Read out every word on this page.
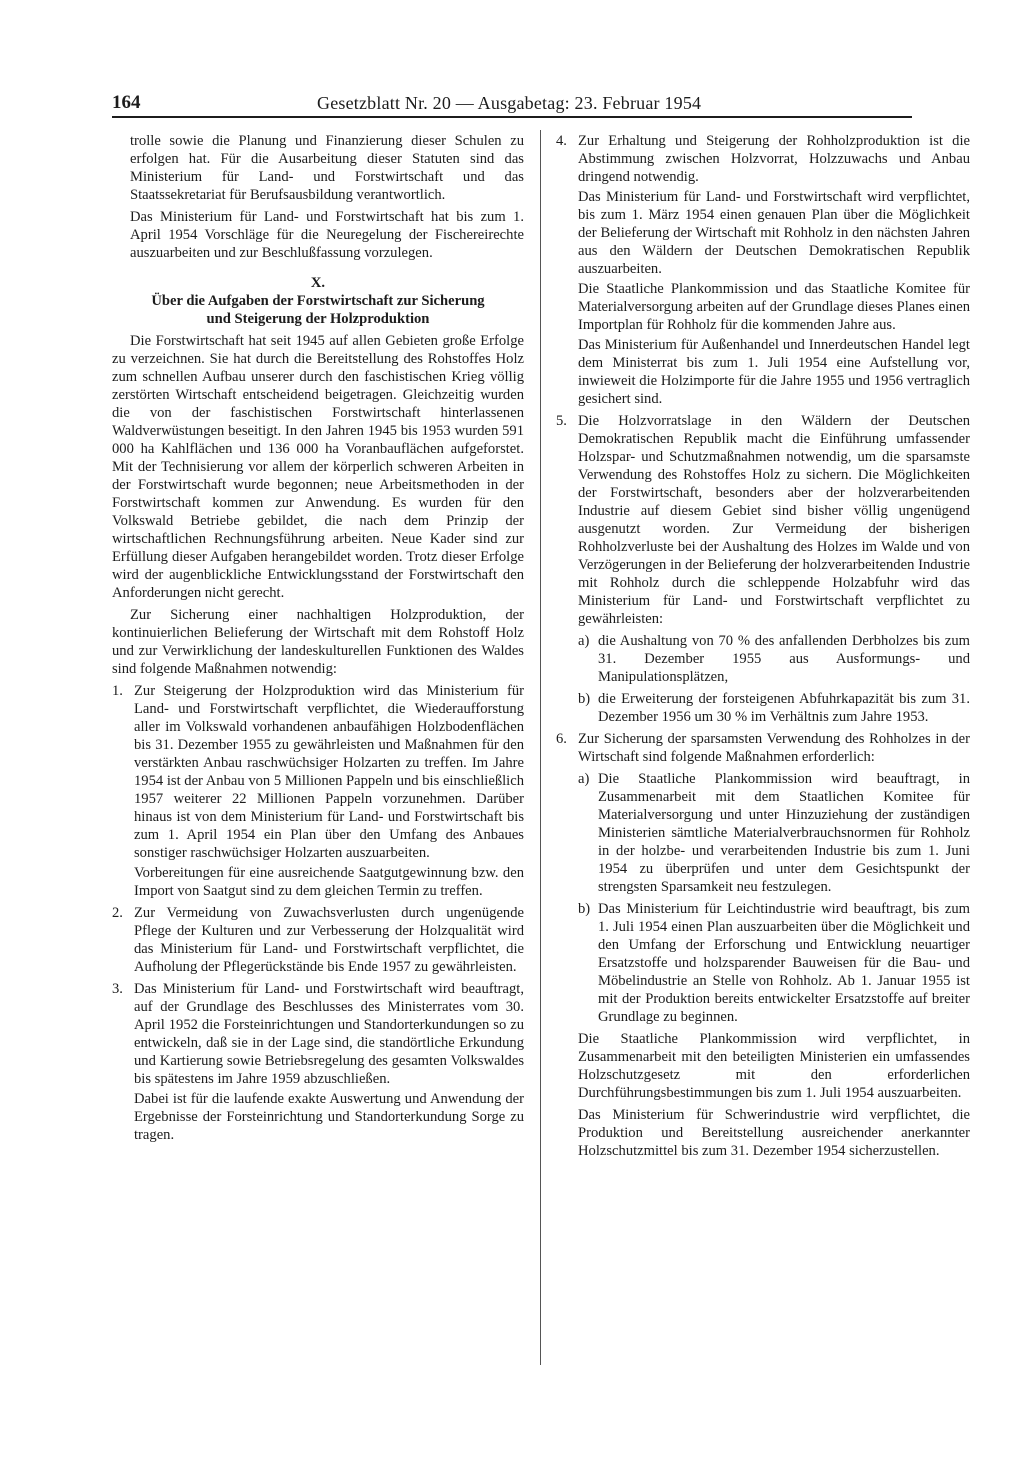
164	Gesetzblatt Nr. 20 — Ausgabetag: 23. Februar 1954

trolle sowie die Planung und Finanzierung dieser Schulen zu erfolgen hat. Für die Ausarbeitung dieser Statuten sind das Ministerium für Land- und Forstwirtschaft und das Staatssekretariat für Berufsausbildung verantwortlich.

Das Ministerium für Land- und Forstwirtschaft hat bis zum 1. April 1954 Vorschläge für die Neuregelung der Fischereirechte auszuarbeiten und zur Beschlußfassung vorzulegen.

X.

Über die Aufgaben der Forstwirtschaft zur Sicherung
und Steigerung der Holzproduktion

Die Forstwirtschaft hat seit 1945 auf allen Gebieten große Erfolge zu verzeichnen. Sie hat durch die Bereitstellung des Rohstoffes Holz zum schnellen Aufbau unserer durch den faschistischen Krieg völlig zerstörten Wirtschaft entscheidend beigetragen. Gleichzeitig wurden die von der faschistischen Forstwirtschaft hinterlassenen Waldverwüstungen beseitigt. In den Jahren 1945 bis 1953 wurden 591 000 ha Kahlflächen und 136 000 ha Voranbauflächen aufgeforstet. Mit der Technisierung vor allem der körperlich schweren Arbeiten in der Forstwirtschaft wurde begonnen; neue Arbeitsmethoden in der Forstwirtschaft kommen zur Anwendung. Es wurden für den Volkswald Betriebe gebildet, die nach dem Prinzip der wirtschaftlichen Rechnungsführung arbeiten. Neue Kader sind zur Erfüllung dieser Aufgaben herangebildet worden. Trotz dieser Erfolge wird der augenblickliche Entwicklungsstand der Forstwirtschaft den Anforderungen nicht gerecht.

Zur Sicherung einer nachhaltigen Holzproduktion, der kontinuierlichen Belieferung der Wirtschaft mit dem Rohstoff Holz und zur Verwirklichung der landeskulturellen Funktionen des Waldes sind folgende Maßnahmen notwendig:

1. Zur Steigerung der Holzproduktion wird das Ministerium für Land- und Forstwirtschaft verpflichtet, die Wiederaufforstung aller im Volkswald vorhandenen anbaufähigen Holzbodenflächen bis 31. Dezember 1955 zu gewährleisten und Maßnahmen für den verstärkten Anbau raschwüchsiger Holzarten zu treffen. Im Jahre 1954 ist der Anbau von 5 Millionen Pappeln und bis einschließlich 1957 weiterer 22 Millionen Pappeln vorzunehmen. Darüber hinaus ist von dem Ministerium für Land- und Forstwirtschaft bis zum 1. April 1954 ein Plan über den Umfang des Anbaues sonstiger raschwüchsiger Holzarten auszuarbeiten.

Vorbereitungen für eine ausreichende Saatgutgewinnung bzw. den Import von Saatgut sind zu dem gleichen Termin zu treffen.

2. Zur Vermeidung von Zuwachsverlusten durch ungenügende Pflege der Kulturen und zur Verbesserung der Holzqualität wird das Ministerium für Land- und Forstwirtschaft verpflichtet, die Aufholung der Pflegerückstände bis Ende 1957 zu gewährleisten.

3. Das Ministerium für Land- und Forstwirtschaft wird beauftragt, auf der Grundlage des Beschlusses des Ministerrates vom 30. April 1952 die Forsteinrichtungen und Standorterkundungen so zu entwickeln, daß sie in der Lage sind, die standörtliche Erkundung und Kartierung sowie Betriebsregelung des gesamten Volkswaldes bis spätestens im Jahre 1959 abzuschließen.

Dabei ist für die laufende exakte Auswertung und Anwendung der Ergebnisse der Forsteinrichtung und Standorterkundung Sorge zu tragen.

4. Zur Erhaltung und Steigerung der Rohholzproduktion ist die Abstimmung zwischen Holzvorrat, Holzzuwachs und Anbau dringend notwendig.

Das Ministerium für Land- und Forstwirtschaft wird verpflichtet, bis zum 1. März 1954 einen genauen Plan über die Möglichkeit der Belieferung der Wirtschaft mit Rohholz in den nächsten Jahren aus den Wäldern der Deutschen Demokratischen Republik auszuarbeiten.

Die Staatliche Plankommission und das Staatliche Komitee für Materialversorgung arbeiten auf der Grundlage dieses Planes einen Importplan für Rohholz für die kommenden Jahre aus.

Das Ministerium für Außenhandel und Innerdeutschen Handel legt dem Ministerrat bis zum 1. Juli 1954 eine Aufstellung vor, inwieweit die Holzimporte für die Jahre 1955 und 1956 vertraglich gesichert sind.

5. Die Holzvorratslage in den Wäldern der Deutschen Demokratischen Republik macht die Einführung umfassender Holzspar- und Schutzmaßnahmen notwendig, um die sparsamste Verwendung des Rohstoffes Holz zu sichern. Die Möglichkeiten der Forstwirtschaft, besonders aber der holzverarbeitenden Industrie auf diesem Gebiet sind bisher völlig ungenügend ausgenutzt worden. Zur Vermeidung der bisherigen Rohholzverluste bei der Aushaltung des Holzes im Walde und von Verzögerungen in der Belieferung der holzverarbeitenden Industrie mit Rohholz durch die schleppende Holzabfuhr wird das Ministerium für Land- und Forstwirtschaft verpflichtet zu gewährleisten:

a) die Aushaltung von 70 % des anfallenden Derbholzes bis zum 31. Dezember 1955 aus Ausformungs- und Manipulationsplätzen,

b) die Erweiterung der forsteigenen Abfuhrkapazität bis zum 31. Dezember 1956 um 30 % im Verhältnis zum Jahre 1953.

6. Zur Sicherung der sparsamsten Verwendung des Rohholzes in der Wirtschaft sind folgende Maßnahmen erforderlich:

a) Die Staatliche Plankommission wird beauftragt, in Zusammenarbeit mit dem Staatlichen Komitee für Materialversorgung und unter Hinzuziehung der zuständigen Ministerien sämtliche Materialverbrauchsnormen für Rohholz in der holzbe- und verarbeitenden Industrie bis zum 1. Juni 1954 zu überprüfen und unter dem Gesichtspunkt der strengsten Sparsamkeit neu festzulegen.

b) Das Ministerium für Leichtindustrie wird beauftragt, bis zum 1. Juli 1954 einen Plan auszuarbeiten über die Möglichkeit und den Umfang der Erforschung und Entwicklung neuartiger Ersatzstoffe und holzsparender Bauweisen für die Bau- und Möbelindustrie an Stelle von Rohholz. Ab 1. Januar 1955 ist mit der Produktion bereits entwickelter Ersatzstoffe auf breiter Grundlage zu beginnen.

Die Staatliche Plankommission wird verpflichtet, in Zusammenarbeit mit den beteiligten Ministerien ein umfassendes Holzschutzgesetz mit den erforderlichen Durchführungsbestimmungen bis zum 1. Juli 1954 auszuarbeiten.

Das Ministerium für Schwerindustrie wird verpflichtet, die Produktion und Bereitstellung ausreichender anerkannter Holzschutzmittel bis zum 31. Dezember 1954 sicherzustellen.
